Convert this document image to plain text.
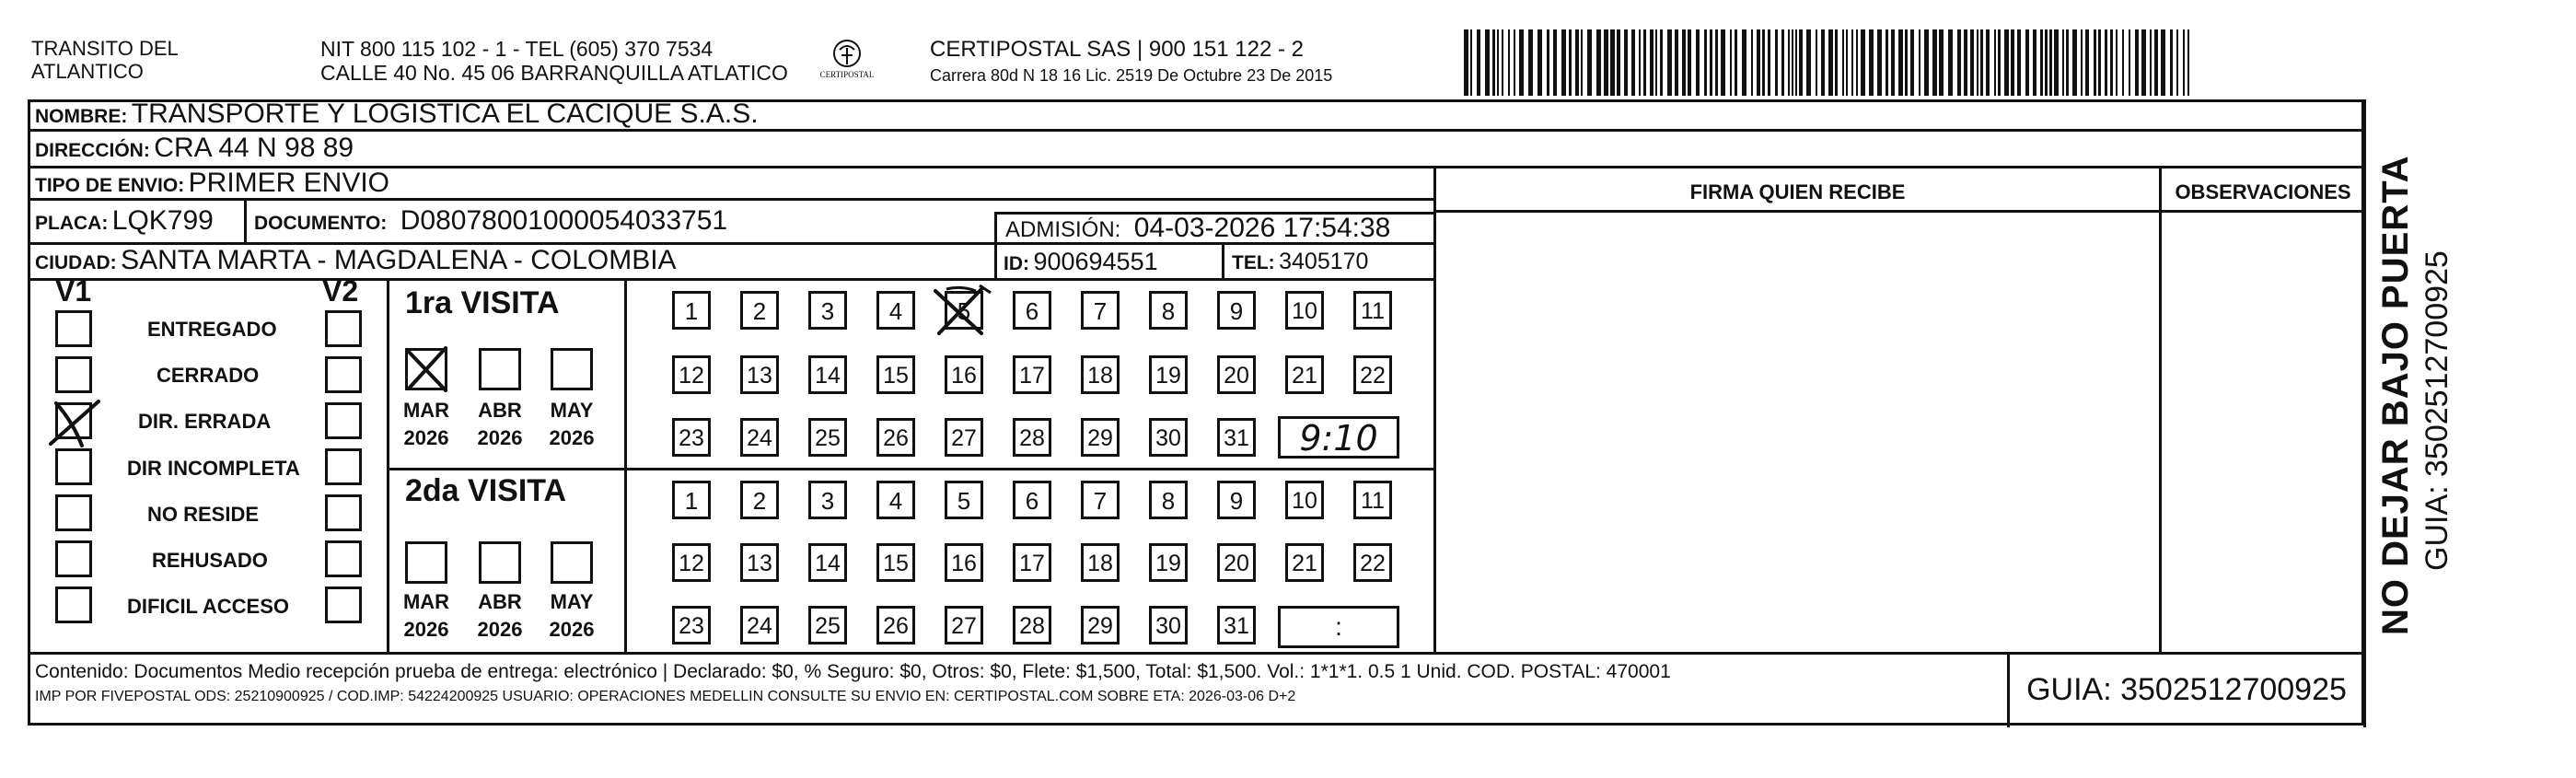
TRANSITO DEL ATLANTICO
NIT 800 115 102 - 1 - TEL (605) 370 7534
CALLE 40 No. 45 06 BARRANQUILLA ATLATICO	CERTIPOSTAL
CERTIPOSTAL SAS | 900 151 122 - 2
Carrera 80d N 18 16 Lic. 2519 De Octubre 23 De 2015
NOMBRE: TRANSPORTE Y LOGISTICA EL CACIQUE S.A.S.
DIRECCIÓN: CRA 44 N 98 89
TIPO DE ENVIO: PRIMER ENVIO
PLACA: LQK799 DOCUMENTO: D08078001000054033751	ADMISIÓN: 04-03-2026 17:54:38
CIUDAD: SANTA MARTA - MAGDALENA - COLOMBIA	ID: 900694551	TEL: 3405170
FIRMA QUIEN RECIBE	OBSERVACIONES
V1	V2
ENTREGADO
CERRADO
DIR. ERRADA
DIR INCOMPLETA
NO RESIDE
REHUSADO
DIFICIL ACCESO
1ra VISITA
2da VISITA
MAR ABR MAY
2026 2026 2026
MAR ABR MAY
2026 2026 2026
1	2	3	4	5	6	7	8	9	10	11
12 13 14 15 16 17 18 19 20 21 22
23 24 25 26 27 28 29 30 31
1	2	3	4	5	6	7	8	9	10	11
12 13 14 15 16 17 18 19 20 21 22
23 24 25 26 27 28 29 30 31
9:10
:	NO DEJAR BAJO PUERTA GUIA: 3502512700925
Contenido: Documentos Medio recepción prueba de entrega: electrónico | Declarado: $0, % Seguro: $0, Otros: $0, Flete: $1,500, Total: $1,500. Vol.: 1*1*1. 0.5 1 Unid. COD. POSTAL: 470001
IMP POR FIVEPOSTAL ODS: 25210900925 / COD.IMP: 54224200925 USUARIO: OPERACIONES MEDELLIN CONSULTE SU ENVIO EN: CERTIPOSTAL.COM SOBRE ETA: 2026-03-06 D+2	GUIA: 3502512700925
